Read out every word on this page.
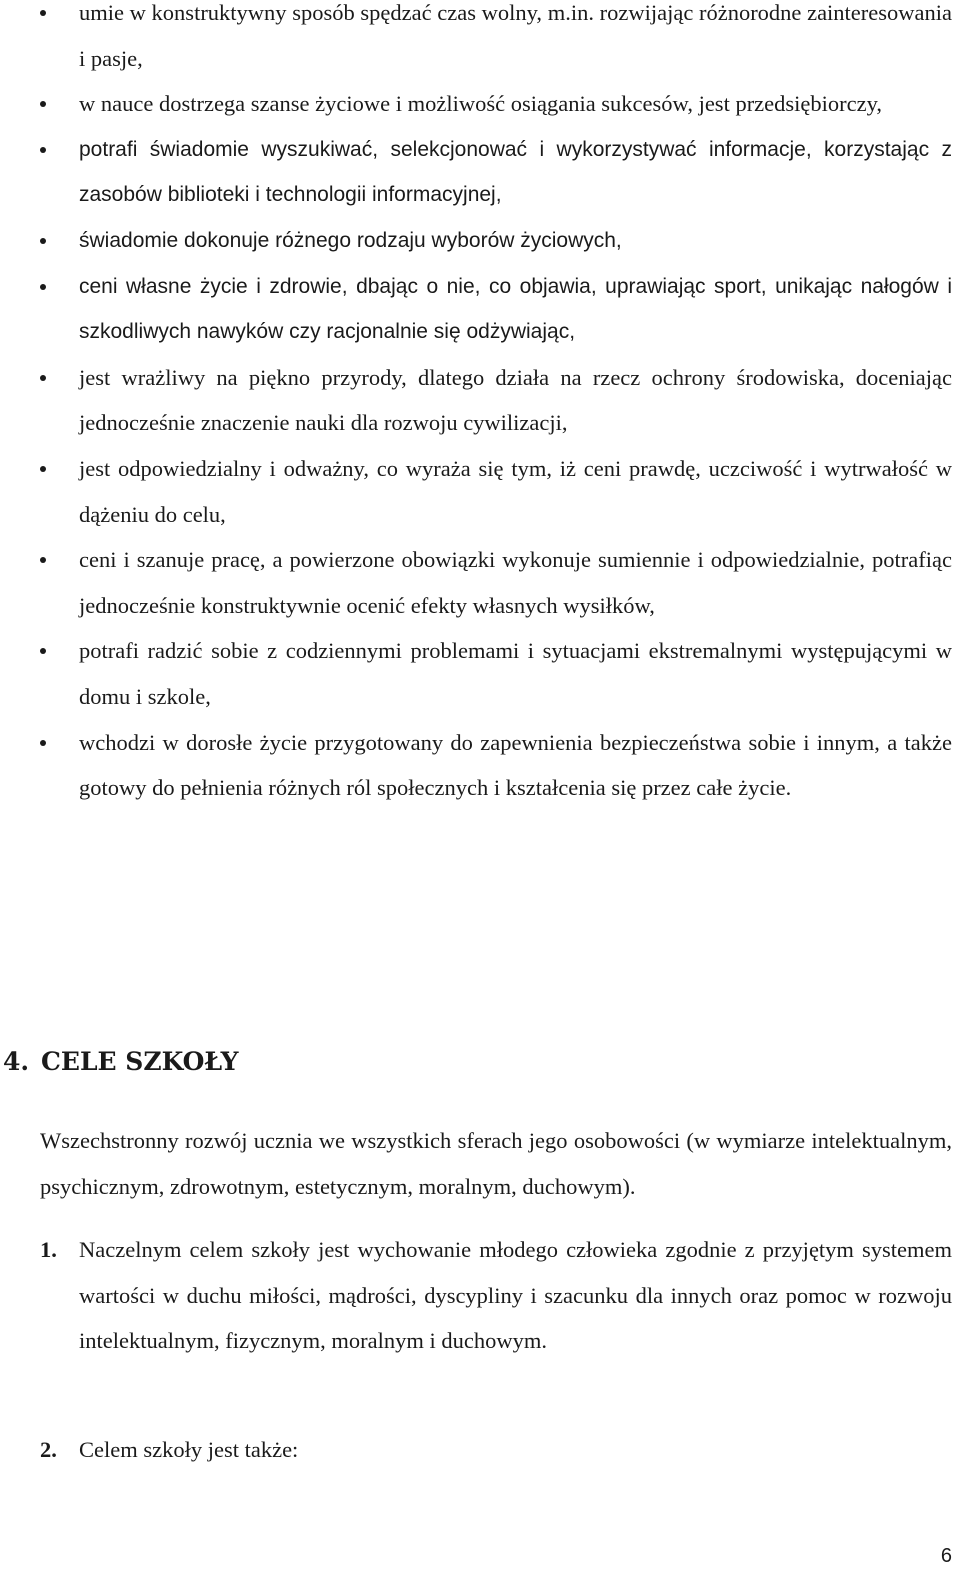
umie w konstruktywny sposób spędzać czas wolny, m.in. rozwijając różnorodne zainteresowania i pasje,
w nauce dostrzega szanse życiowe i możliwość osiągania sukcesów, jest przedsiębiorczy,
potrafi świadomie wyszukiwać, selekcjonować i wykorzystywać informacje, korzystając z zasobów biblioteki i technologii informacyjnej,
świadomie dokonuje różnego rodzaju wyborów życiowych,
ceni własne życie i zdrowie, dbając o nie, co objawia, uprawiając sport, unikając nałogów i szkodliwych nawyków czy racjonalnie się odżywiając,
jest wrażliwy na piękno przyrody, dlatego działa na rzecz ochrony środowiska, doceniając jednocześnie znaczenie nauki dla rozwoju cywilizacji,
jest odpowiedzialny i odważny, co wyraża się tym, iż ceni prawdę, uczciwość i wytrwałość w dążeniu do celu,
ceni i szanuje pracę, a powierzone obowiązki wykonuje sumiennie i odpowiedzialnie, potrafiąc jednocześnie konstruktywnie ocenić efekty własnych wysiłków,
potrafi radzić sobie z codziennymi problemami i sytuacjami ekstremalnymi występującymi w domu i szkole,
wchodzi w dorosłe życie przygotowany do zapewnienia bezpieczeństwa sobie i innym, a także gotowy do pełnienia różnych ról społecznych i kształcenia się przez całe życie.
4. CELE SZKOŁY

Wszechstronny rozwój ucznia we wszystkich sferach jego osobowości (w wymiarze intelektualnym, psychicznym, zdrowotnym, estetycznym, moralnym, duchowym).

1. Naczelnym celem szkoły jest wychowanie młodego człowieka zgodnie z przyjętym systemem wartości w duchu miłości, mądrości, dyscypliny i szacunku dla innych oraz pomoc w rozwoju intelektualnym, fizycznym, moralnym i duchowym.
2. Celem szkoły jest także:
6
